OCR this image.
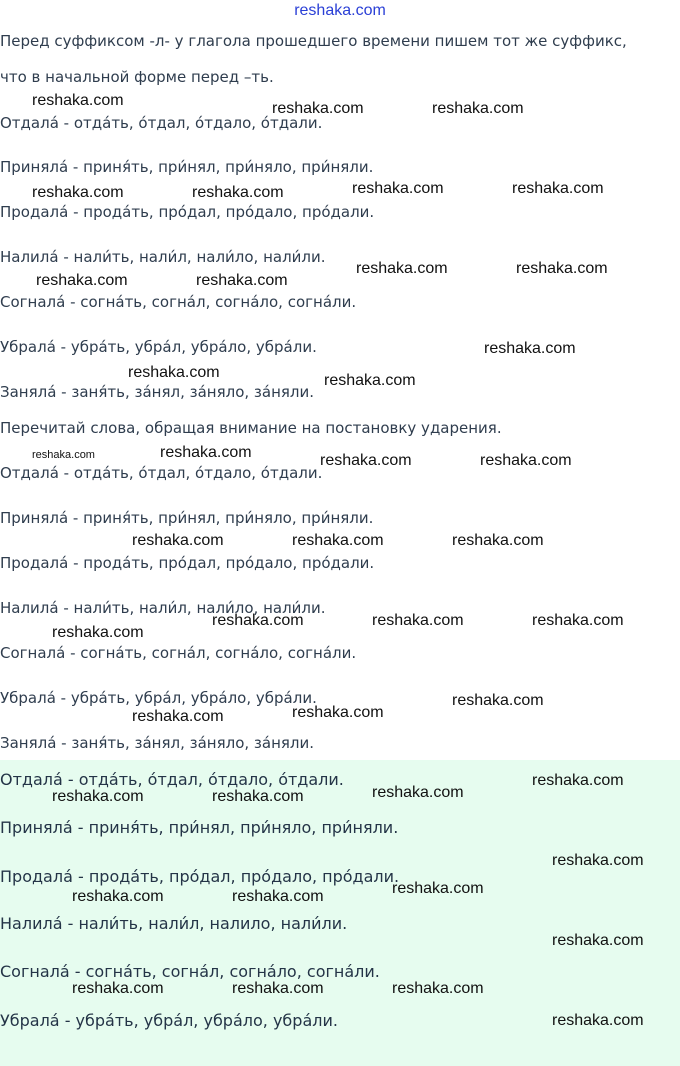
reshaka.com

Перед суффиксом -л- у глагола прошедшего времени пишем тот же суффикс,

что в начальной форме перед –ть.

Отдала́ - отда́ть, о́тдал, о́тдало, о́тдали.

Приняла́ - приня́ть, при́нял, при́няло, при́няли.

Продала́ - прода́ть, про́дал, про́дало, про́дали.

Налила́ - нали́ть, нали́л, нали́ло, нали́ли.

Согнала́ - согна́ть, согна́л, согна́ло, согна́ли.

Убрала́ - убра́ть, убра́л, убра́ло, убра́ли.

Заняла́ - заня́ть, за́нял, за́няло, за́няли.

Перечитай слова, обращая внимание на постановку ударения.

Отдала́ - отда́ть, о́тдал, о́тдало, о́тдали.

Приняла́ - приня́ть, при́нял, при́няло, при́няли.

Продала́ - прода́ть, про́дал, про́дало, про́дали.

Налила́ - нали́ть, нали́л, нали́ло, нали́ли.

Согнала́ - согна́ть, согна́л, согна́ло, согна́ли.

Убрала́ - убра́ть, убра́л, убра́ло, убра́ли.

Заняла́ - заня́ть, за́нял, за́няло, за́няли.

Отдала́ - отда́ть, о́тдал, о́тдало, о́тдали.

Приняла́ - приня́ть, при́нял, при́няло, при́няли.

Продала́ - прода́ть, про́дал, про́дало, про́дали.

Налила́ - нали́ть, нали́л, налило, нали́ли.

Согнала́ - согна́ть, согна́л, согна́ло, согна́ли.

Убрала́ - убра́ть, убра́л, убра́ло, убра́ли.

reshaka.com	reshaka.com	reshaka.com
reshaka.com	reshaka.com	reshaka.com	reshaka.com
reshaka.com	reshaka.com
reshaka.com	reshaka.com
reshaka.com
reshaka.com	reshaka.com
reshaka.com	reshaka.com	reshaka.com	reshaka.com
reshaka.com	reshaka.com	reshaka.com
reshaka.com	reshaka.com	reshaka.com
reshaka.com
reshaka.com
reshaka.com
reshaka.com
reshaka.com
reshaka.com
reshaka.com	reshaka.com
reshaka.com
reshaka.com
reshaka.com	reshaka.com
reshaka.com
reshaka.com	reshaka.com	reshaka.com
reshaka.com
